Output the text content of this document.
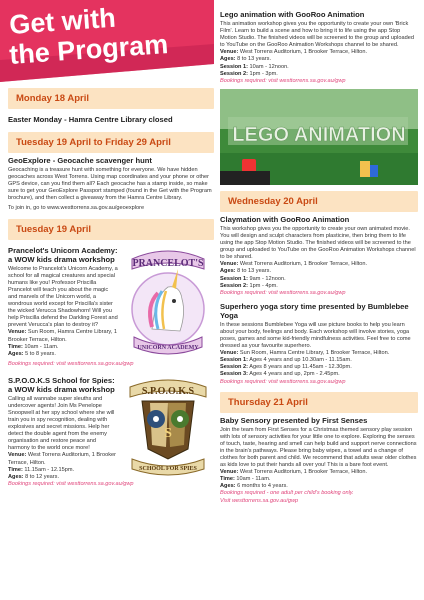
Get with
the Program
Monday 18 April
Easter Monday - Hamra Centre Library closed
Tuesday 19 April to Friday 29 April
GeoExplore - Geocache scavenger hunt

Geocaching is a treasure hunt with something for everyone. We have hidden geocaches across West Torrens. Using map coordinates and your phone or other GPS device, can you find them all? Each geocache has a stamp inside, so make sure to get your GeoExplore Passport stamped (found in the Get with the Program brochure), and then collect a giveaway from the Hamra Centre Library.

To join in, go to www.westtorrens.sa.gov.au/geoexplore

Tuesday 19 April
Prancelot's Unicorn Academy: a WOW kids drama workshop

Welcome to Prancelot's Unicorn Academy, a school for all magical creatures and special humans like you! Professor Priscilla Prancelot will teach you about the magic and marvels of the Unicorn world, a wondrous world except for Priscilla's sister the wicked Verucca Shadowhorn! Will you help Priscilla defend the Darkling Forest and prevent Verucca's plan to destroy it?

Venue: Sun Room, Hamra Centre Library, 1 Brooker Terrace, Hilton.

Time: 10am - 11am.

Ages: 5 to 8 years.

PRANCELOT'S
UNICORN ACADEMY

Bookings required: visit westtorrens.sa.gov.au/gwp

S.P.O.O.K.S School for Spies: a WOW kids drama workshop

Calling all wannabe super sleuths and undercover agents! Join Ms Penelope Snoopwell at her spy school where she will train you in spy recognition, dealing with explosives and secret missions. Help her detect the double agent from the enemy organisation and restore peace and harmony to the world once more!

Venue: West Torrens Auditorium, 1 Brooker Terrace, Hilton.

Time: 11.15am - 12.15pm.

Ages: 8 to 12 years.

S.P.O.O.K.S
S
SCHOOL FOR SPIES

Bookings required: visit westtorrens.sa.gov.au/gwp

Lego animation with GooRoo Animation

This animation workshop gives you the opportunity to create your own 'Brick Film'. Learn to build a scene and how to bring it to life using the app Stop Motion Studio. The finished videos will be screened to the group and uploaded to YouTube on the GooRoo Animation Workshops channel to be shared.

Venue: West Torrens Auditorium, 1 Brooker Terrace, Hilton.

Ages: 8 to 13 years.

Session 1: 10am - 12noon.

Session 2: 1pm - 3pm.

Bookings required: visit westtorrens.sa.gov.au/gwp

LEGO ANIMATION
Wednesday 20 April
Claymation with GooRoo Animation

This workshop gives you the opportunity to create your own animated movie. You will design and sculpt characters from plasticine, then bring them to life using the app Stop Motion Studio. The finished videos will be screened to the group and uploaded to YouTube on the GooRoo Animation Workshops channel to be shared.

Venue: West Torrens Auditorium, 1 Brooker Terrace, Hilton.

Ages: 8 to 13 years.

Session 1: 9am - 12noon.

Session 2: 1pm - 4pm.

Bookings required: visit westtorrens.sa.gov.au/gwp

Superhero yoga story time presented by Bumblebee Yoga

In these sessions Bumblebee Yoga will use picture books to help you learn about your body, feelings and body. Each workshop will involve stories, yoga poses, games and some kid-friendly mindfulness activities. Feel free to come dressed as your favourite superhero.

Venue: Sun Room, Hamra Centre Library, 1 Brooker Terrace, Hilton.

Session 1: Ages 4 years and up 10.30am - 11.15am.

Session 2: Ages 8 years and up 11.45am - 12.30pm.

Session 3: Ages 4 years and up, 2pm - 2.45pm.

Bookings required: visit westtorrens.sa.gov.au/gwp

Thursday 21 April
Baby Sensory presented by First Senses

Join the team from First Senses for a Christmas themed sensory play session with lots of sensory activities for your little one to explore. Exploring the senses of touch, taste, hearing and smell can help build and support nerve connections in the brain's pathways. Please bring baby wipes, a towel and a change of clothes for both parent and child. We recommend that adults wear older clothes as kids love to put their hands all over you! This is a bare foot event.

Venue: West Torrens Auditorium, 1 Brooker Terrace, Hilton.

Time: 10am - 11am.

Ages: 6 months to 4 years.

Bookings required - one adult per child's booking only.

Visit westtorrens.sa.gov.au/gwp
